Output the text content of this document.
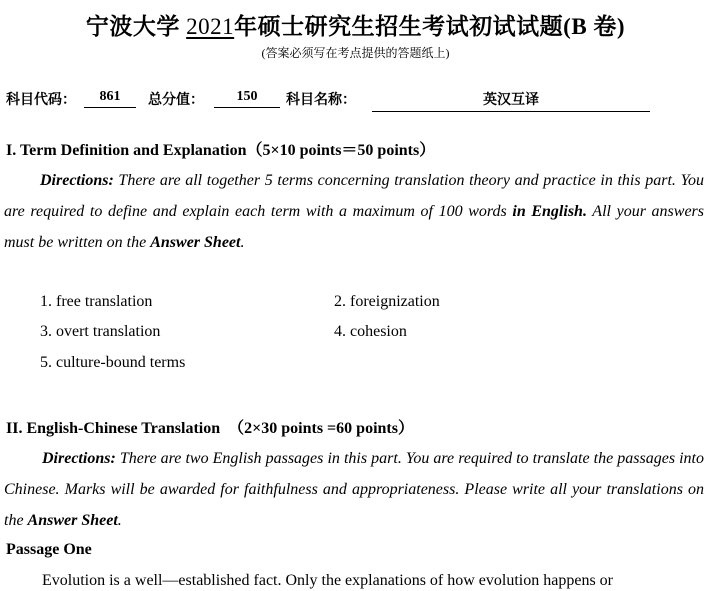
宁波大学 2021年硕士研究生招生考试初试试题(B 卷)
(答案必须写在考点提供的答题纸上)
科目代码：	861	总分值：	150	科目名称：	英汉互译
I. Term Definition and Explanation（5×10 points＝50 points）
Directions: There are all together 5 terms concerning translation theory and practice in this part. You are required to define and explain each term with a maximum of 100 words in English. All your answers must be written on the Answer Sheet.
1. free translation	2. foreignization
3. overt translation	4. cohesion
5. culture-bound terms
II. English-Chinese Translation　（2×30 points =60 points）
Directions: There are two English passages in this part. You are required to translate the passages into Chinese. Marks will be awarded for faithfulness and appropriateness. Please write all your translations on the Answer Sheet.
Passage One
Evolution is a well—established fact. Only the explanations of how evolution happens or
